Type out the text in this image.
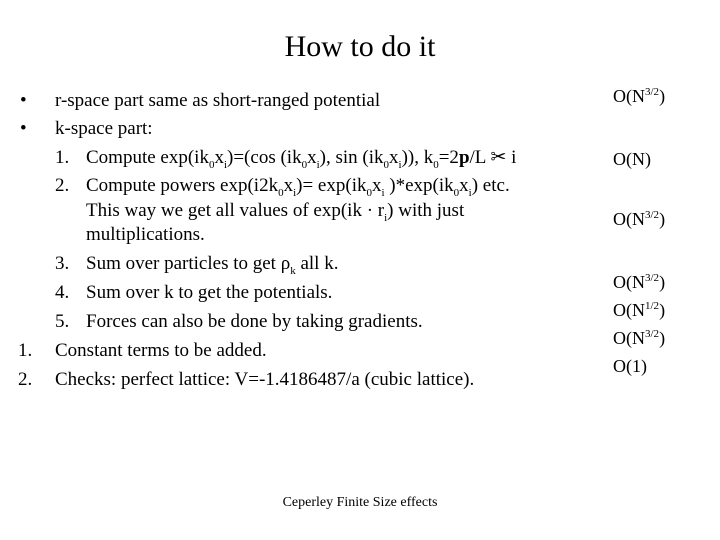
How to do it
• r-space part same as short-ranged potential
• k-space part:
1. Compute $\exp(ik_0x_i)=(\cos$ $(ik_0x_i)$, $\sin (ik_0x_i)$), $k_0=2p/L$ ✂ i
2. Compute powers $\exp(i2k_0x_i)= \exp(ik_0x_i$ )$*\exp(ik_0x_i)$ etc.
This way we get all values of $\exp(ik \cdot r_i)$ with just
multiplications.
3. Sum over particles to get $\rho_k$ all k.
4. Sum over k to get the potentials.
5. Forces can also be done by taking gradients.
1. Constant terms to be added.
2. Checks: perfect lattice: V=-1.4186487/a (cubic lattice).
$O(N^{3/2})$
O(N)
$O(N^{3/2})$
$O(N^{3/2})$
$O(N^{1/2})$
$O(N^{3/2})$
O(1)
Ceperley Finite Size effects
